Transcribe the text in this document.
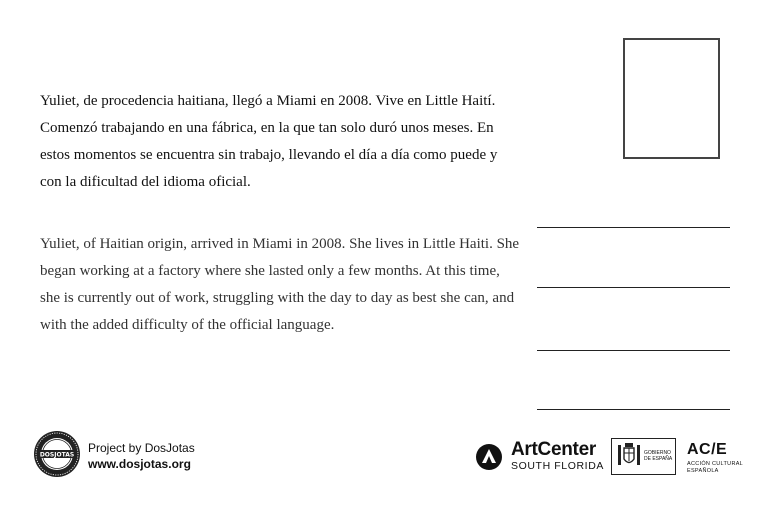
Yuliet, de procedencia haitiana, llegó a Miami en 2008. Vive en Little Haití. Comenzó trabajando en una fábrica, en la que tan solo duró unos meses. En estos momentos se encuentra sin trabajo, llevando el día a día como puede y con la dificultad del idioma oficial.

Yuliet, of Haitian origin, arrived in Miami in 2008. She lives in Little Haiti. She began working at a factory where she lasted only a few months. At this time, she is currently out of work, struggling with the day to day as best she can, and with the added difficulty of the official language.

DOSJOTAS Project by DosJotas
www.dosjotas.org
ArtCenter
SOUTH FLORIDA
GOBIERNO
DE ESPAÑA
AC/E
ACCIÓN CULTURAL
ESPAÑOLA
